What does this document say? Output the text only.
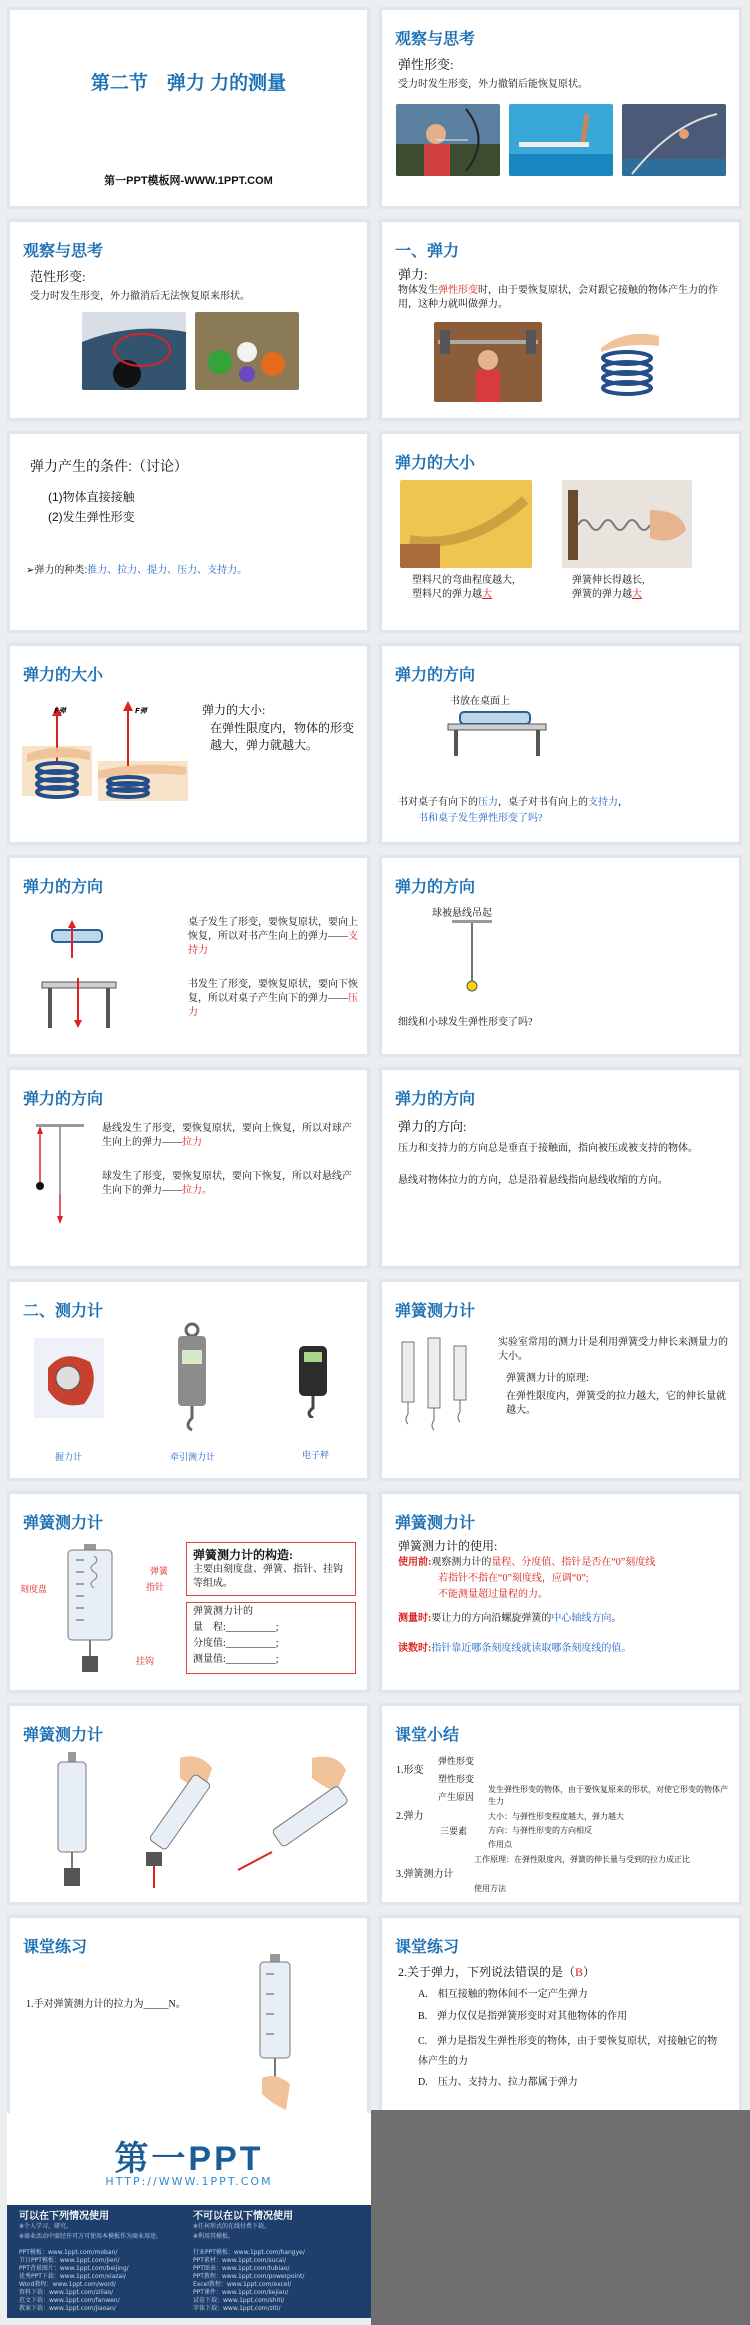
第二节　弹力 力的测量
第一PPT模板网-WWW.1PPT.COM
观察与思考
弹性形变:
受力时发生形变，外力撤销后能恢复原状。
观察与思考
范性形变:
受力时发生形变，外力撤消后无法恢复原来形状。
一、弹力
弹力:
物体发生弹性形变时，由于要恢复原状，会对跟它接触的物体产生力的作用，这种力就叫做弹力。
弹力产生的条件:（讨论）
(1)物体直接接触
(2)发生弹性形变
➢弹力的种类:推力、拉力、提力、压力、支持力。
弹力的大小
塑料尺的弯曲程度越大,
塑料尺的弹力越大
弹簧伸长得越长,
弹簧的弹力越大
弹力的大小
F弹	F弹	弹力的大小:
在弹性限度内，物体的形变越大，弹力就越大。
弹力的方向
书放在桌面上
书对桌子有向下的压力，桌子对书有向上的支持力，
书和桌子发生弹性形变了吗?
弹力的方向
桌子发生了形变，要恢复原状，要向上恢复，所以对书产生向上的弹力——支持力
书发生了形变，要恢复原状，要向下恢复，所以对桌子产生向下的弹力——压力
弹力的方向
球被悬线吊起
细线和小球发生弹性形变了吗?
弹力的方向
悬线发生了形变，要恢复原状，要向上恢复，所以对球产生向上的弹力——拉力
球发生了形变，要恢复原状，要向下恢复，所以对悬线产生向下的弹力——拉力。
弹力的方向
弹力的方向:
压力和支持力的方向总是垂直于接触面，指向被压或被支持的物体。
悬线对物体拉力的方向，总是沿着悬线指向悬线收缩的方向。
二、测力计
握力计	牵引测力计	电子秤
弹簧测力计
实验室常用的测力计是利用弹簧受力伸长来测量力的大小。
弹簧测力计的原理:
在弹性限度内，弹簧受的拉力越大，它的伸长量就越大。
弹簧测力计
刻度盘
弹簧
指针
挂钩
弹簧测力计的构造:
主要由刻度盘、弹簧、指针、挂钩等组成。
弹簧测力计的
量　程:__________;
分度值:__________;
测量值:__________;
弹簧测力计
弹簧测力计的使用:
使用前:观察测力计的量程、分度值、指针是否在“0”刻度线
若指针不指在“0”刻度线，应调“0”;
不能测量超过量程的力。
测量时:要让力的方向沿螺旋弹簧的中心轴线方向。
读数时:指针靠近哪条刻度线就读取哪条刻度线的值。
弹簧测力计	课堂小结
1.形变
弹性形变
塑性形变
2.弹力
产生原因
发生弹性形变的物体，由于要恢复原来的形状，对使它形变的物体产生力
三要素
大小：与弹性形变程度越大，弹力越大
方向：与弹性形变的方向相反
作用点
3.弹簧测力计
工作原理：在弹性限度内，弹簧的伸长量与受到的拉力成正比
使用方法
课堂练习
1.手对弹簧测力计的拉力为_____N。
课堂练习
2.关于弹力，下列说法错误的是（B）
A.　相互接触的物体间不一定产生弹力
B.　弹力仅仅是指弹簧形变时对其他物体的作用
C.　弹力是指发生弹性形变的物体，由于要恢复原状，对接触它的物体产生的力
D.　压力、支持力、拉力都属于弹力
第一PPT
HTTP://WWW.1PPT.COM
可以在下列情况使用	不可以在以下情况使用
※个人学习、研究。
※商业活动中需经许可方可使用本模板作为商业用途。
※任何形式的在线付费下载。
※利用其模板。
PPT模板：www.1ppt.com/moban/
节日PPT模板：www.1ppt.com/jieri/
PPT背景图片：www.1ppt.com/beijing/
优秀PPT下载：www.1ppt.com/xiazai/
Word教程：www.1ppt.com/word/
资料下载：www.1ppt.com/ziliao/
范文下载：www.1ppt.com/fanwen/
教案下载：www.1ppt.com/jiaoan/
行业PPT模板：www.1ppt.com/hangye/
PPT素材：www.1ppt.com/sucai/
PPT图表：www.1ppt.com/tubiao/
PPT教程：www.1ppt.com/powerpoint/
Excel教程：www.1ppt.com/excel/
PPT课件：www.1ppt.com/kejian/
试卷下载：www.1ppt.com/shiti/
字体下载：www.1ppt.com/ziti/
